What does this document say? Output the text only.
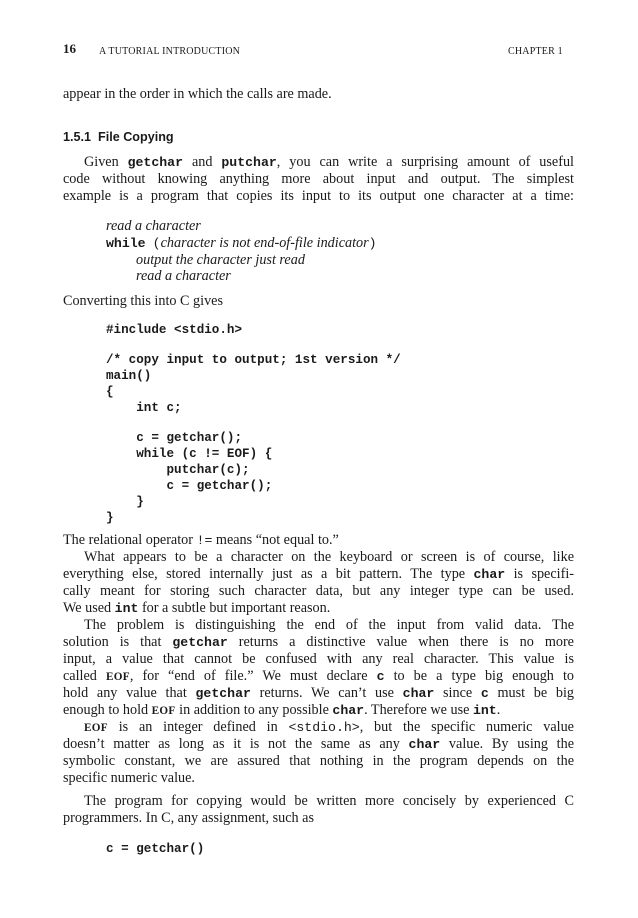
16 A TUTORIAL INTRODUCTION	CHAPTER 1
appear in the order in which the calls are made.
1.5.1 File Copying
Given getchar and putchar, you can write a surprising amount of useful
code without knowing anything more about input and output. The simplest
example is a program that copies its input to its output one character at a time:
read a character
while (character is not end-of-file indicator)
output the character just read
read a character
Converting this into C gives
#include <stdio.h>
/* copy input to output; 1st version */
main()
{
int c;
c = getchar();
while (c != EOF) {
putchar(c);
c = getchar();
}
}
The relational operator != means “not equal to.”
What appears to be a character on the keyboard or screen is of course, like
everything else, stored internally just as a bit pattern. The type char is specifi-
cally meant for storing such character data, but any integer type can be used.
We used int for a subtle but important reason.
The problem is distinguishing the end of the input from valid data. The
solution is that getchar returns a distinctive value when there is no more
input, a value that cannot be confused with any real character. This value is
called EOF, for “end of file.” We must declare c to be a type big enough to
hold any value that getchar returns. We can’t use char since c must be big
enough to hold EOF in addition to any possible char. Therefore we use int.
EOF is an integer defined in <stdio.h>, but the specific numeric value
doesn’t matter as long as it is not the same as any char value. By using the
symbolic constant, we are assured that nothing in the program depends on the
specific numeric value.
The program for copying would be written more concisely by experienced C
programmers. In C, any assignment, such as
c = getchar()
